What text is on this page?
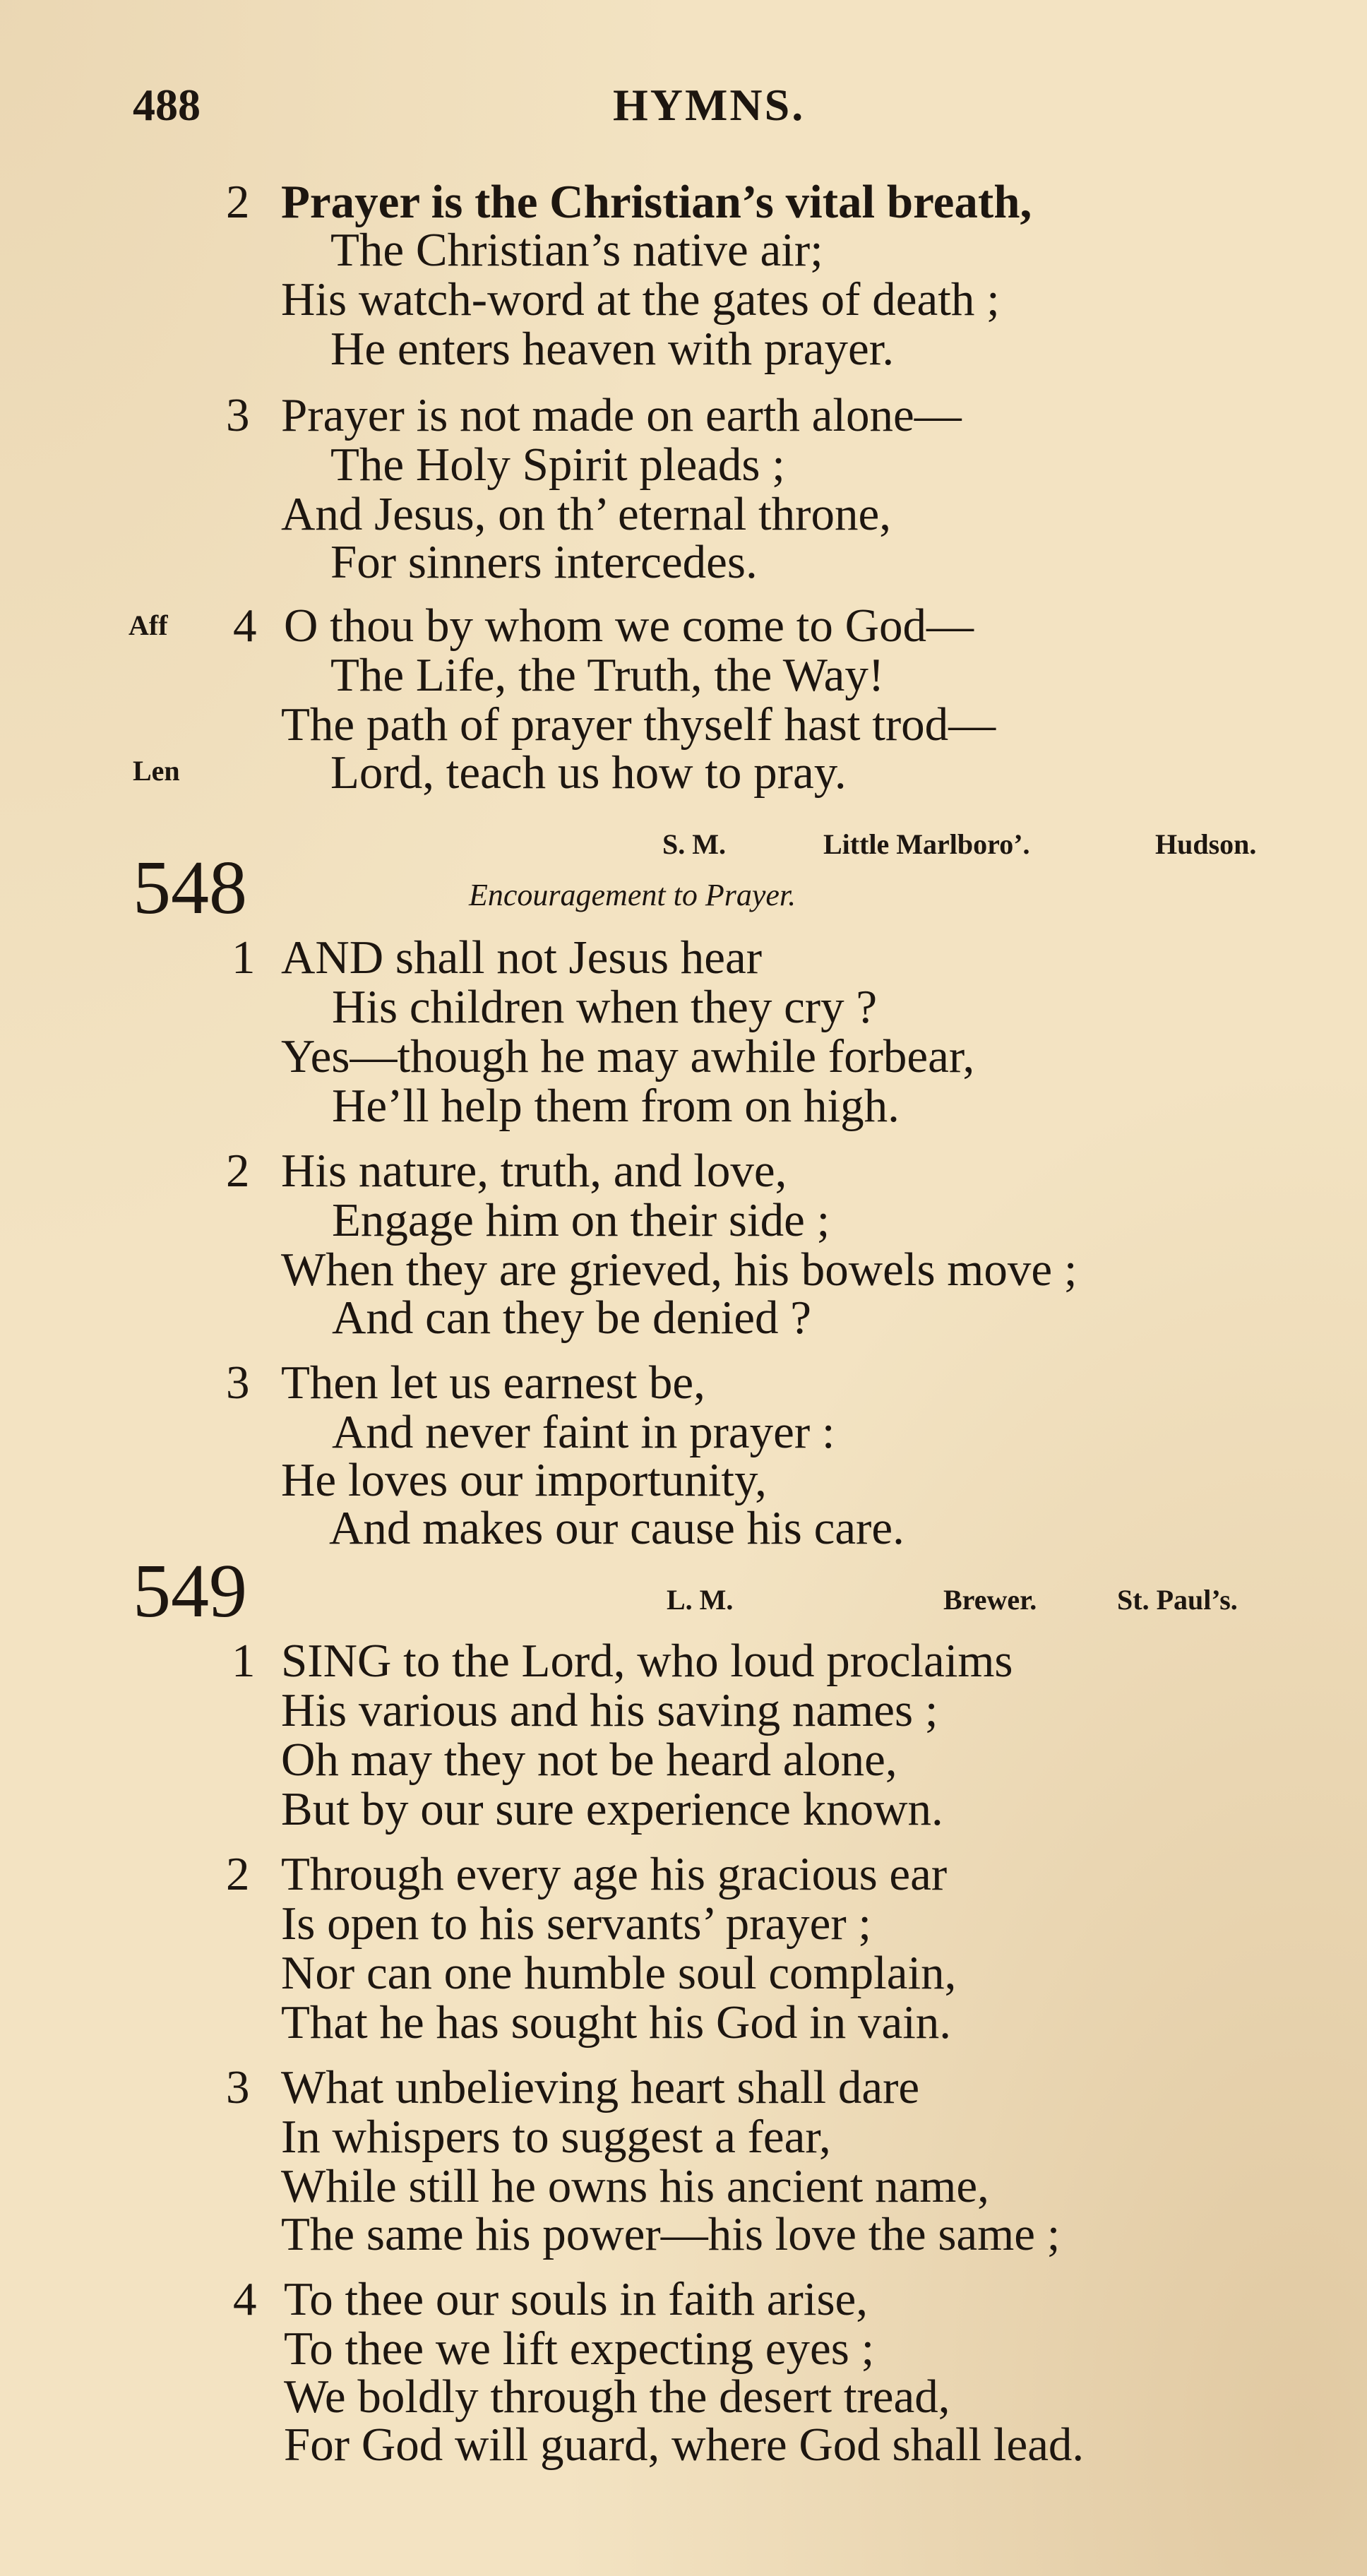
488	HYMNS.
2 Prayer is the Christian’s vital breath,
The Christian’s native air;
His watch-word at the gates of death ;
He enters heaven with prayer.
3 Prayer is not made on earth alone—
The Holy Spirit pleads ;
And Jesus, on th’ eternal throne,
For sinners intercedes.
Aff 4 O thou by whom we come to God—
The Life, the Truth, the Way!
The path of prayer thyself hast trod—
Len	Lord, teach us how to pray.
S. M.	Little Marlboro’.	Hudson.
548	Encouragement to Prayer.
1 AND shall not Jesus hear
His children when they cry ?
Yes—though he may awhile forbear,
He’ll help them from on high.
2 His nature, truth, and love,
Engage him on their side ;
When they are grieved, his bowels move ;
And can they be denied ?
3 Then let us earnest be,
And never faint in prayer :
He loves our importunity,
And makes our cause his care.
549	L. M.	Brewer.	St. Paul’s.
1 SING to the Lord, who loud proclaims
His various and his saving names ;
Oh may they not be heard alone,
But by our sure experience known.
2 Through every age his gracious ear
Is open to his servants’ prayer ;
Nor can one humble soul complain,
That he has sought his God in vain.
3 What unbelieving heart shall dare
In whispers to suggest a fear,
While still he owns his ancient name,
The same his power—his love the same ;
4 To thee our souls in faith arise,
To thee we lift expecting eyes ;
We boldly through the desert tread,
For God will guard, where God shall lead.
